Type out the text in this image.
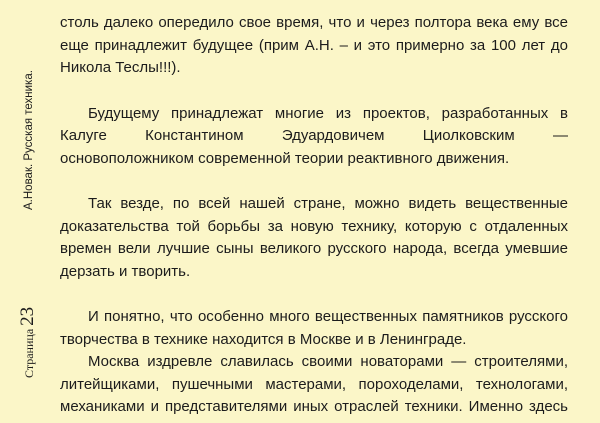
А.Новак. Русская техника.
Страница 23
столь далеко опередило свое время, что и через полтора века ему все
еще принадлежит будущее (прим А.Н. – и это примерно за 100 лет до
Никола Теслы!!!).
Будущему принадлежат многие из проектов, разработанных в
Калуге Константином Эдуардовичем Циолковским —
основоположником современной теории реактивного движения.
Так везде, по всей нашей стране, можно видеть вещественные
доказательства той борьбы за новую технику, которую с отдаленных
времен вели лучшие сыны великого русского народа, всегда умевшие
дерзать и творить.
И понятно, что особенно много вещественных памятников русского
творчества в технике находится в Москве и в Ленинграде.
Москва издревле славилась своими новаторами — строителями,
литейщиками, пушечными мастерами, пороходелами, технологами,
механиками и представителями иных отраслей техники. Именно здесь
